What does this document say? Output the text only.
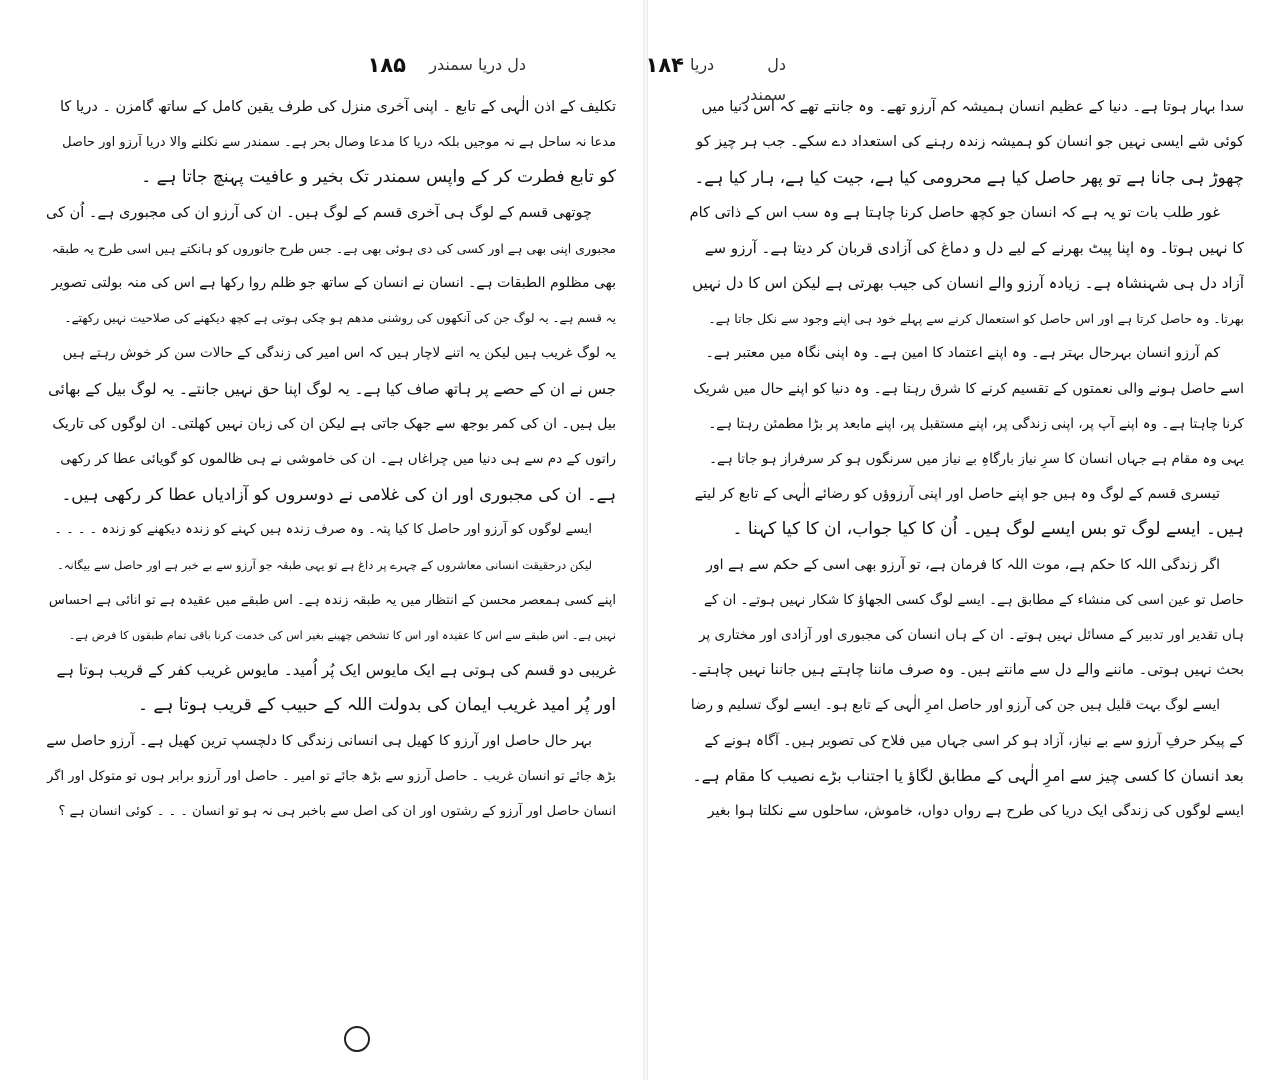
دل دریا سمندر
۱۸۵
تکلیف کے اذن الٰہی کے تابع ۔ اپنی آخری منزل کی طرف یقین کامل کے ساتھ گامزن ۔ دریا کا
مدعا نہ ساحل ہے نہ موجیں بلکہ دریا کا مدعا وصال بحر ہے۔ سمندر سے نکلنے والا دریا آرزو اور حاصل
کو تابع فطرت کر کے واپس سمندر تک بخیر و عافیت پہنچ جاتا ہے ۔
چوتھی قسم کے لوگ ہی آخری قسم کے لوگ ہیں۔ ان کی آرزو ان کی مجبوری ہے۔ اُن کی
مجبوری اپنی بھی ہے اور کسی کی دی ہوئی بھی ہے۔ جس طرح جانوروں کو ہانکتے ہیں اسی طرح یہ طبقہ
بھی مظلوم الطبقات ہے۔ انسان نے انسان کے ساتھ جو ظلم روا رکھا ہے اس کی منہ بولتی تصویر
یہ قسم ہے۔ یہ لوگ جن کی آنکھوں کی روشنی مدھم ہو چکی ہوتی ہے کچھ دیکھنے کی صلاحیت نہیں رکھتے۔
یہ لوگ غریب ہیں لیکن یہ اتنے لاچار ہیں کہ اس امیر کی زندگی کے حالات سن کر خوش رہتے ہیں
جس نے ان کے حصے پر ہاتھ صاف کیا ہے۔ یہ لوگ اپنا حق نہیں جانتے۔ یہ لوگ بیل کے بھائی
بیل ہیں۔ ان کی کمر بوجھ سے جھک جاتی ہے لیکن ان کی زبان نہیں کھلتی۔ ان لوگوں کی تاریک
راتوں کے دم سے ہی دنیا میں چراغاں ہے۔ ان کی خاموشی نے ہی ظالموں کو گویائی عطا کر رکھی
ہے۔ ان کی مجبوری اور ان کی غلامی نے دوسروں کو آزادیاں عطا کر رکھی ہیں۔
ایسے لوگوں کو آرزو اور حاصل کا کیا پتہ۔ وہ صرف زندہ ہیں کہنے کو زندہ دیکھنے کو زندہ ۔ ۔ ۔ ۔
لیکن درحقیقت انسانی معاشروں کے چہرے پر داغ ہے تو یہی طبقہ جو آرزو سے بے خبر ہے اور حاصل سے بیگانہ۔
اپنے کسی ہمعصر محسن کے انتظار میں یہ طبقہ زندہ ہے۔ اس طبقے میں عقیدہ ہے تو انائی ہے احساس
نہیں ہے۔ اس طبقے سے اس کا عقیدہ اور اس کا تشخص چھینے بغیر اس کی خدمت کرنا باقی تمام طبقوں کا فرض ہے۔
غریبی دو قسم کی ہوتی ہے ایک مایوس ایک پُر اُمید۔ مایوس غریب کفر کے قریب ہوتا ہے
اور پُر امید غریب ایمان کی بدولت اللہ کے حبیب کے قریب ہوتا ہے ۔
بہر حال حاصل اور آرزو کا کھیل ہی انسانی زندگی کا دلچسپ ترین کھیل ہے۔ آرزو حاصل سے
بڑھ جائے تو انسان غریب ۔ حاصل آرزو سے بڑھ جائے تو امیر ۔ حاصل اور آرزو برابر ہوں تو متوکل اور اگر
انسان حاصل اور آرزو کے رشتوں اور ان کی اصل سے باخبر ہی نہ ہو تو انسان ۔ ۔ ۔ کوئی انسان ہے ؟
دل دریا سمندر
۱۸۴
سدا بہار ہوتا ہے۔ دنیا کے عظیم انسان ہمیشہ کم آرزو تھے۔ وہ جانتے تھے کہ اس دنیا میں
کوئی شے ایسی نہیں جو انسان کو ہمیشہ زندہ رہنے کی استعداد دے سکے۔ جب ہر چیز کو
چھوڑ ہی جانا ہے تو پھر حاصل کیا ہے محرومی کیا ہے، جیت کیا ہے، ہار کیا ہے۔
غور طلب بات تو یہ ہے کہ انسان جو کچھ حاصل کرنا چاہتا ہے وہ سب اس کے ذاتی کام
کا نہیں ہوتا۔ وہ اپنا پیٹ بھرنے کے لیے دل و دماغ کی آزادی قربان کر دیتا ہے۔ آرزو سے
آزاد دل ہی شہنشاہ ہے۔ زیادہ آرزو والے انسان کی جیب بھرتی ہے لیکن اس کا دل نہیں
بھرتا۔ وہ حاصل کرتا ہے اور اس حاصل کو استعمال کرنے سے پہلے خود ہی اپنے وجود سے نکل جاتا ہے۔
کم آرزو انسان بہرحال بہتر ہے۔ وہ اپنے اعتماد کا امین ہے۔ وہ اپنی نگاہ میں معتبر ہے۔
اسے حاصل ہونے والی نعمتوں کے تقسیم کرنے کا شرق رہتا ہے۔ وہ دنیا کو اپنے حال میں شریک
کرنا چاہتا ہے۔ وہ اپنے آپ پر، اپنی زندگی پر، اپنے مستقبل پر، اپنے مابعد پر بڑا مطمئن رہتا ہے۔
یہی وہ مقام ہے جہاں انسان کا سرِ نیاز بارگاہِ بے نیاز میں سرنگوں ہو کر سرفراز ہو جاتا ہے۔
تیسری قسم کے لوگ وہ ہیں جو اپنے حاصل اور اپنی آرزوؤں کو رضائے الٰہی کے تابع کر لیتے
ہیں۔ ایسے لوگ تو بس ایسے لوگ ہیں۔ اُن کا کیا جواب، ان کا کیا کہنا ۔
اگر زندگی اللہ کا حکم ہے، موت اللہ کا فرمان ہے، تو آرزو بھی اسی کے حکم سے ہے اور
حاصل تو عین اسی کی منشاء کے مطابق ہے۔ ایسے لوگ کسی الجھاؤ کا شکار نہیں ہوتے۔ ان کے
ہاں تقدیر اور تدبیر کے مسائل نہیں ہوتے۔ ان کے ہاں انسان کی مجبوری اور آزادی اور مختاری پر
بحث نہیں ہوتی۔ ماننے والے دل سے مانتے ہیں۔ وہ صرف ماننا چاہتے ہیں جاننا نہیں چاہتے۔
ایسے لوگ بہت قلیل ہیں جن کی آرزو اور حاصل امرِ الٰہی کے تابع ہو۔ ایسے لوگ تسلیم و رضا
کے پیکر حرفِ آرزو سے بے نیاز، آزاد ہو کر اسی جہاں میں فلاح کی تصویر ہیں۔ آگاہ ہونے کے
بعد انسان کا کسی چیز سے امرِ الٰہی کے مطابق لگاؤ یا اجتناب بڑے نصیب کا مقام ہے۔
ایسے لوگوں کی زندگی ایک دریا کی طرح ہے رواں دواں، خاموش، ساحلوں سے نکلتا ہوا بغیر
